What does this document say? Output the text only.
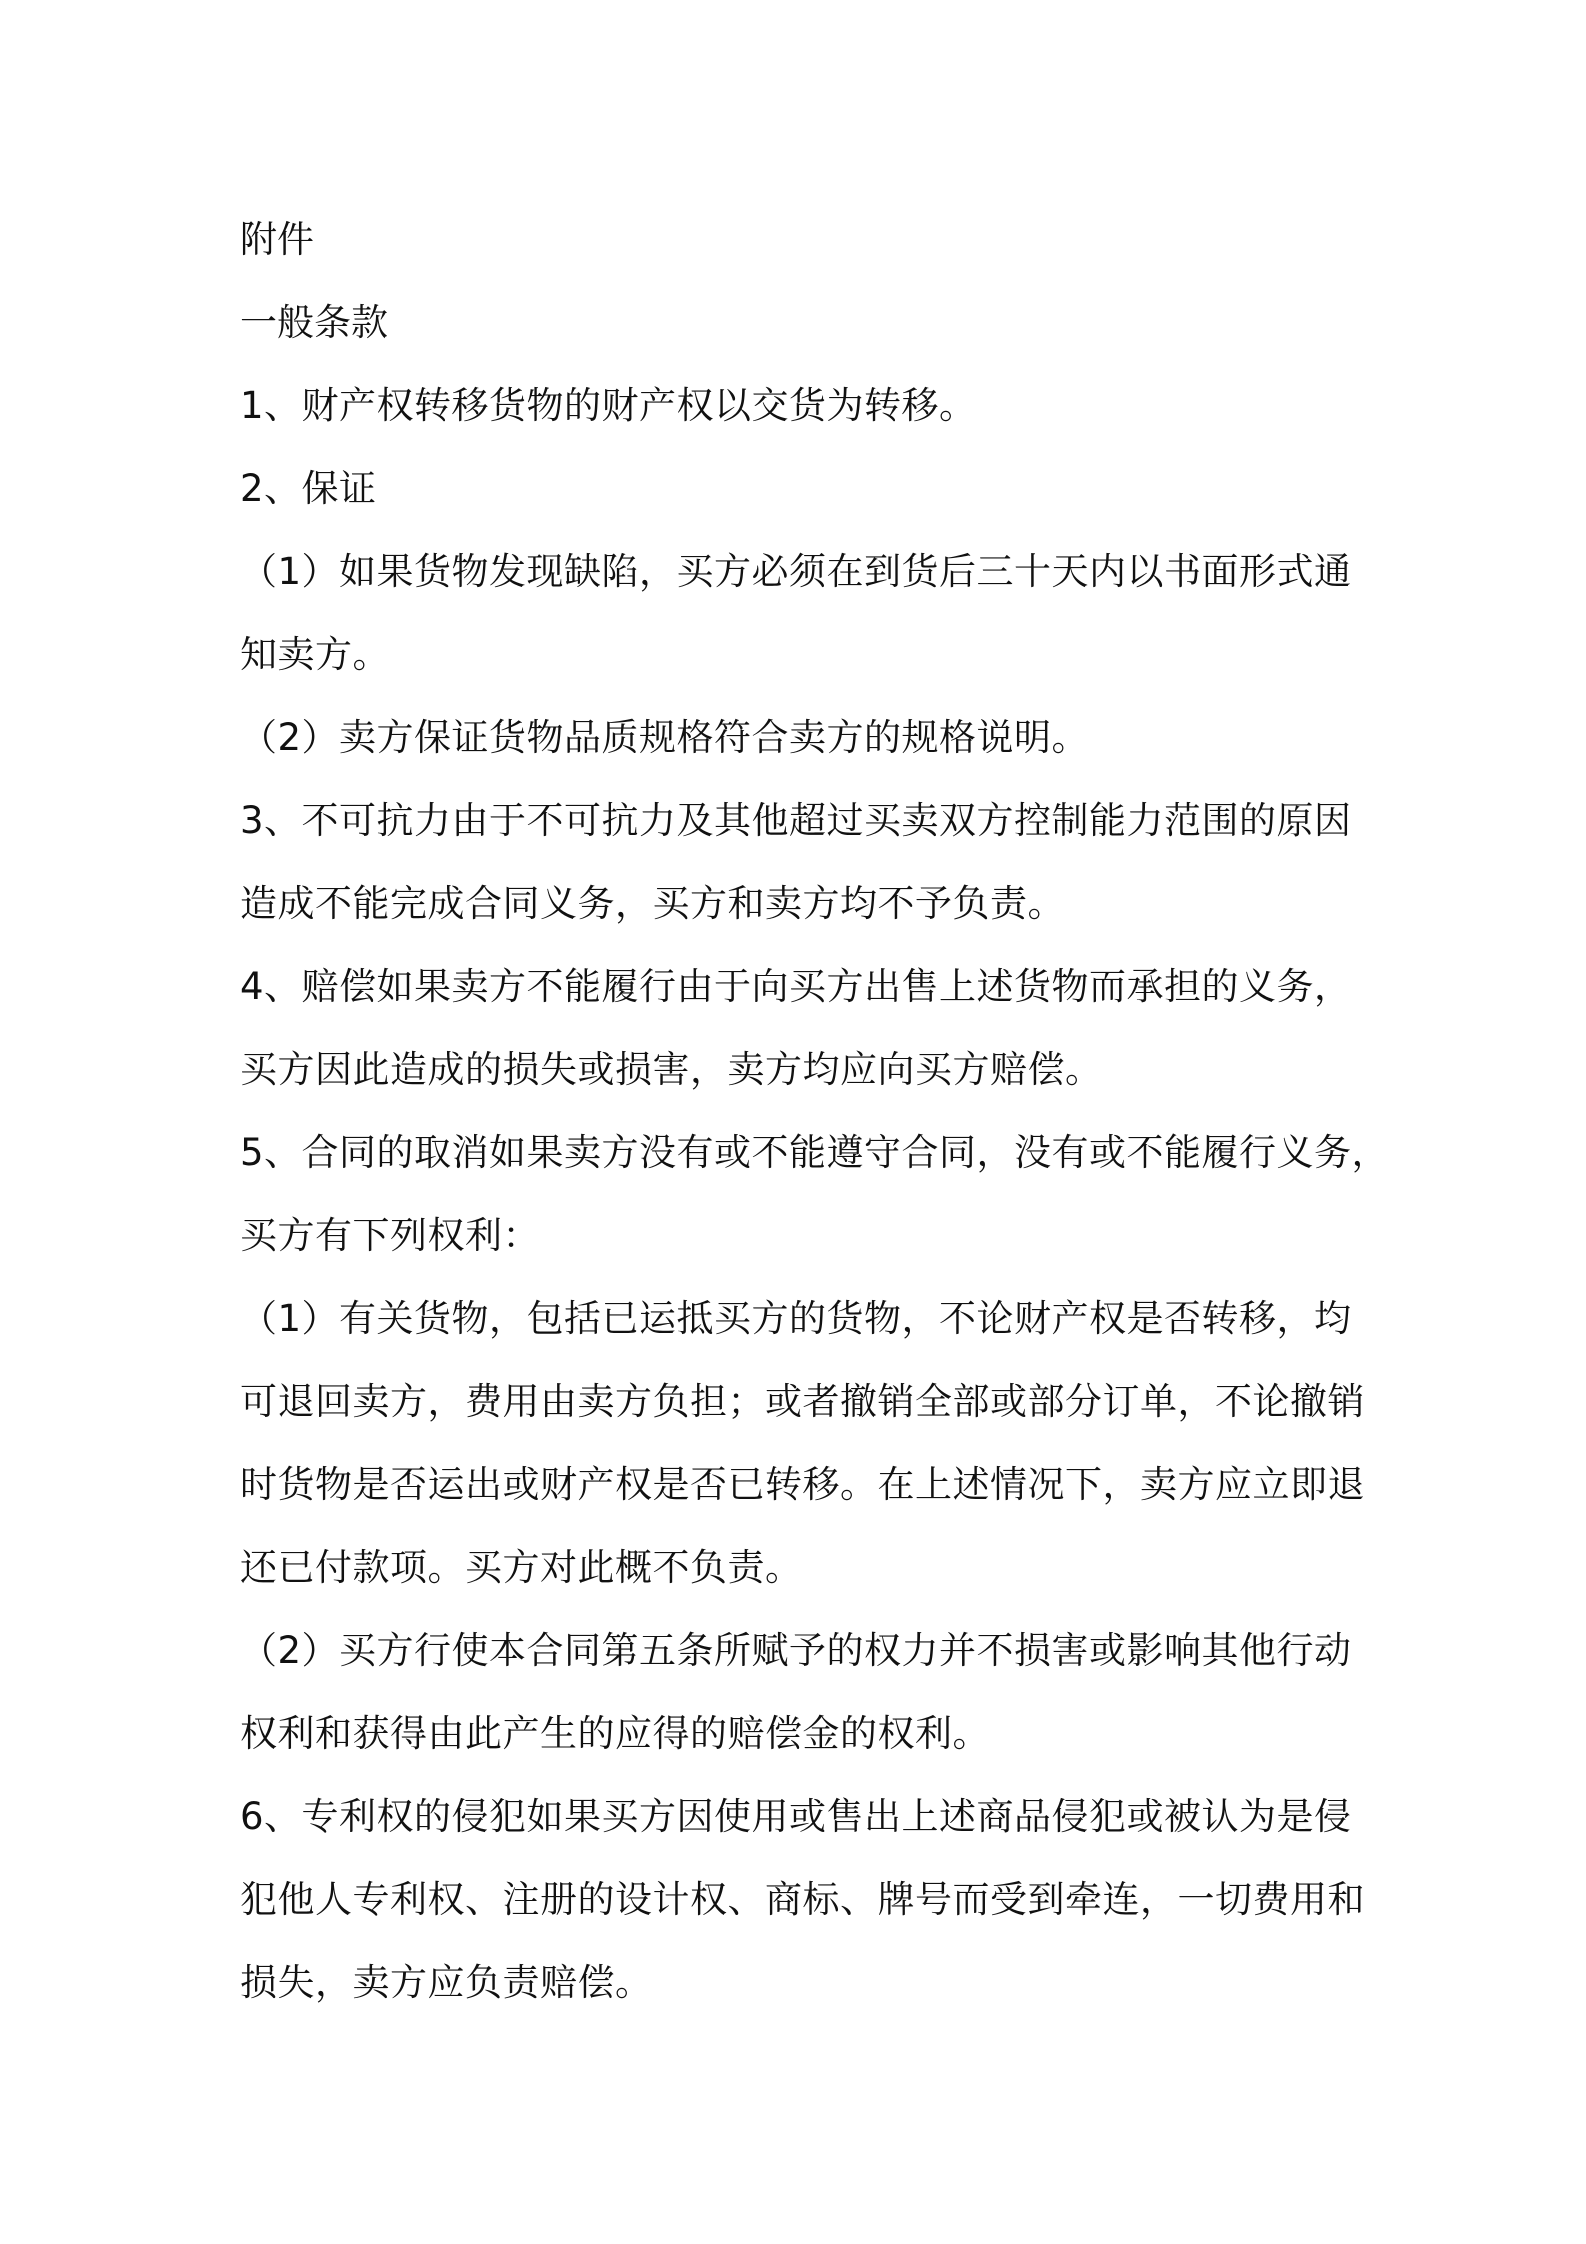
附件
一般条款
1、财产权转移货物的财产权以交货为转移。
2、保证
（1）如果货物发现缺陷，买方必须在到货后三十天内以书面形式通
知卖方。
（2）卖方保证货物品质规格符合卖方的规格说明。
3、不可抗力由于不可抗力及其他超过买卖双方控制能力范围的原因
造成不能完成合同义务，买方和卖方均不予负责。
4、赔偿如果卖方不能履行由于向买方出售上述货物而承担的义务，
买方因此造成的损失或损害，卖方均应向买方赔偿。
5、合同的取消如果卖方没有或不能遵守合同，没有或不能履行义务，
买方有下列权利：
（1）有关货物，包括已运抵买方的货物，不论财产权是否转移，均
可退回卖方，费用由卖方负担；或者撤销全部或部分订单，不论撤销
时货物是否运出或财产权是否已转移。在上述情况下，卖方应立即退
还已付款项。买方对此概不负责。
（2）买方行使本合同第五条所赋予的权力并不损害或影响其他行动
权利和获得由此产生的应得的赔偿金的权利。
6、专利权的侵犯如果买方因使用或售出上述商品侵犯或被认为是侵
犯他人专利权、注册的设计权、商标、牌号而受到牵连，一切费用和
损失，卖方应负责赔偿。
